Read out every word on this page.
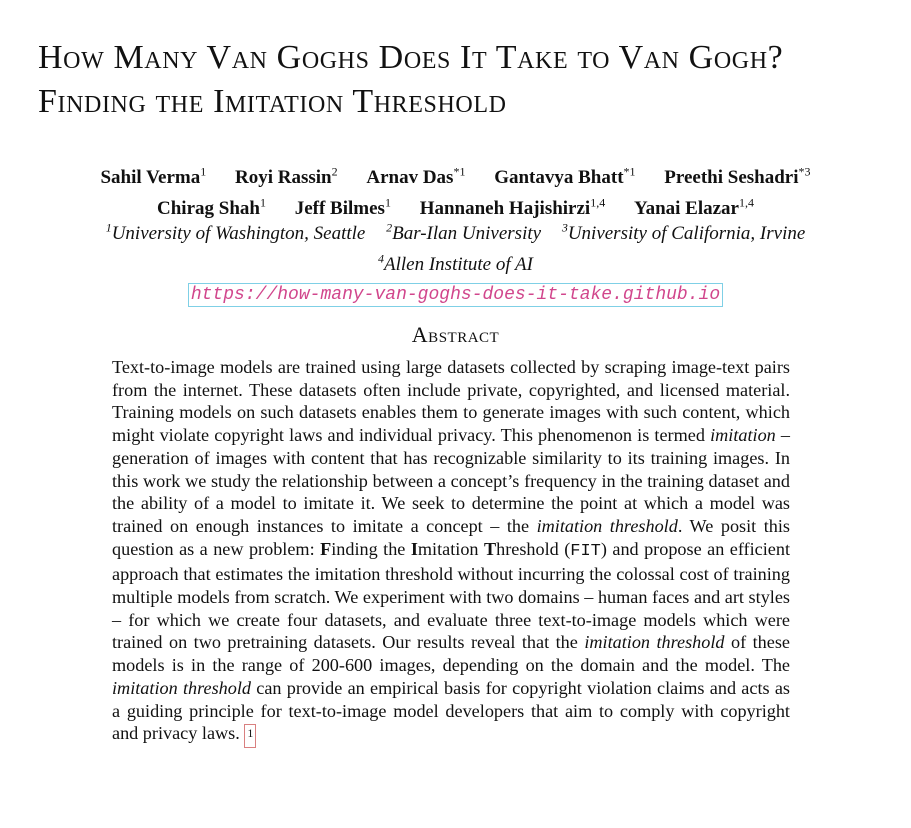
How Many Van Goghs Does It Take to Van Gogh? Finding the Imitation Threshold
Sahil Verma$^1$ Royi Rassin$^2$ Arnav Das$^{*1}$ Gantavya Bhatt$^{*1}$ Preethi Seshadri$^{*3}$
Chirag Shah$^1$ Jeff Bilmes$^1$ Hannaneh Hajishirzi$^{1,4}$ Yanai Elazar$^{1,4}$
$^1$University of Washington, Seattle $^2$Bar-Ilan University $^3$University of California, Irvine
$^4$Allen Institute of AI
https://how-many-van-goghs-does-it-take.github.io
Abstract

Text-to-image models are trained using large datasets collected by scraping image-text pairs from the internet. These datasets often include private, copyrighted, and licensed material. Training models on such datasets enables them to generate images with such content, which might violate copyright laws and individual privacy. This phenomenon is termed imitation – generation of images with content that has recognizable similarity to its training images. In this work we study the relationship between a concept’s frequency in the training dataset and the ability of a model to imitate it. We seek to determine the point at which a model was trained on enough instances to imitate a concept – the imitation threshold. We posit this question as a new problem: Finding the Imitation Threshold (FIT) and propose an efficient approach that estimates the imitation threshold without incurring the colossal cost of training multiple models from scratch. We experiment with two domains – human faces and art styles – for which we create four datasets, and evaluate three text-to-image models which were trained on two pretraining datasets. Our results reveal that the imitation threshold of these models is in the range of 200-600 images, depending on the domain and the model. The imitation threshold can provide an empirical basis for copyright violation claims and acts as a guiding principle for text-to-image model developers that aim to comply with copyright and privacy laws. 1
